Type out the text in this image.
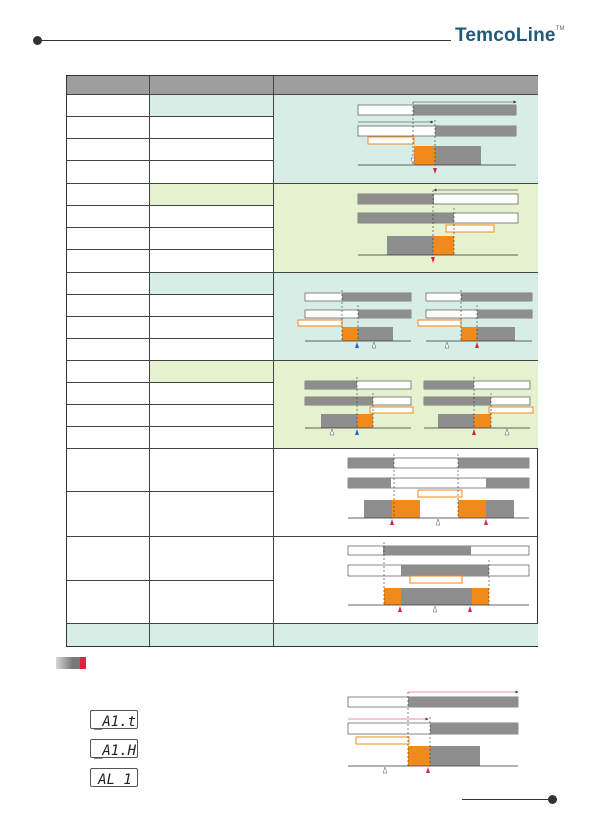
TemcoLine™
_A1.t
_A1.H
AL 1
